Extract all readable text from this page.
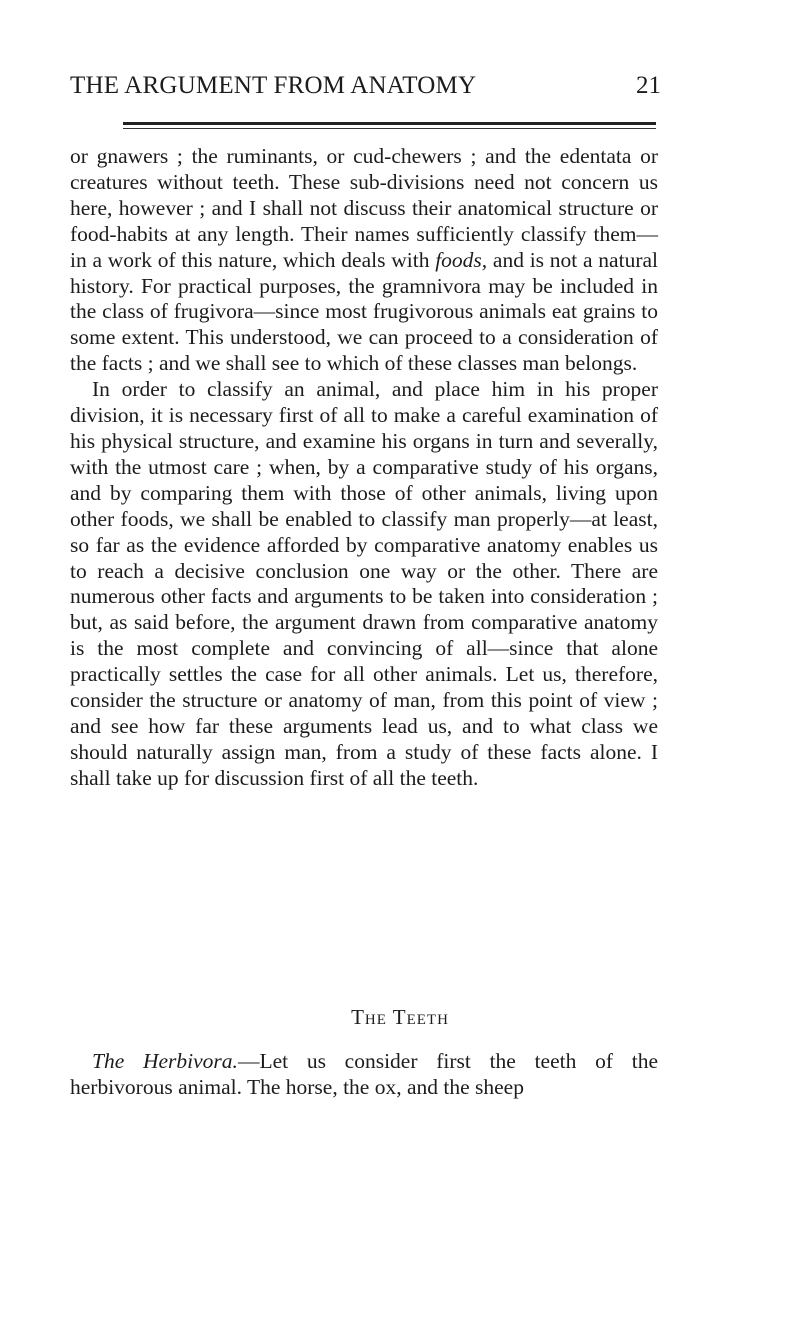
THE ARGUMENT FROM ANATOMY	21

or gnawers ; the ruminants, or cud-chewers ; and the edentata or creatures without teeth. These sub-divisions need not concern us here, however ; and I shall not discuss their anatomical structure or food-habits at any length. Their names sufficiently classify them—in a work of this nature, which deals with foods, and is not a natural history. For practical purposes, the gramnivora may be included in the class of frugivora—since most frugivorous animals eat grains to some extent. This understood, we can proceed to a consideration of the facts ; and we shall see to which of these classes man belongs.

In order to classify an animal, and place him in his proper division, it is necessary first of all to make a careful examination of his physical structure, and examine his organs in turn and severally, with the utmost care ; when, by a comparative study of his organs, and by comparing them with those of other animals, living upon other foods, we shall be enabled to classify man properly—at least, so far as the evidence afforded by comparative anatomy enables us to reach a decisive conclusion one way or the other. There are numerous other facts and arguments to be taken into consideration ; but, as said before, the argument drawn from comparative anatomy is the most complete and convincing of all—since that alone practically settles the case for all other animals. Let us, therefore, consider the structure or anatomy of man, from this point of view ; and see how far these arguments lead us, and to what class we should naturally assign man, from a study of these facts alone. I shall take up for discussion first of all the teeth.

The Teeth

The Herbivora.—Let us consider first the teeth of the herbivorous animal. The horse, the ox, and the sheep
